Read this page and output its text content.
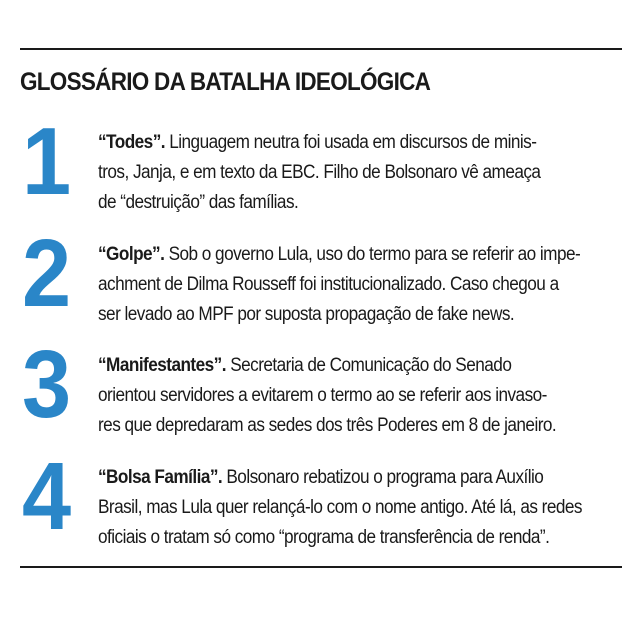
GLOSSÁRIO DA BATALHA IDEOLÓGICA
1	“Todes”. Linguagem neutra foi usada em discursos de minis-
tros, Janja, e em texto da EBC. Filho de Bolsonaro vê ameaça
de “destruição” das famílias.
2	“Golpe”. Sob o governo Lula, uso do termo para se referir ao impe-
achment de Dilma Rousseff foi institucionalizado. Caso chegou a
ser levado ao MPF por suposta propagação de fake news.
3	“Manifestantes”. Secretaria de Comunicação do Senado
orientou servidores a evitarem o termo ao se referir aos invaso-
res que depredaram as sedes dos três Poderes em 8 de janeiro.
4	“Bolsa Família”. Bolsonaro rebatizou o programa para Auxílio
Brasil, mas Lula quer relançá-lo com o nome antigo. Até lá, as redes
oficiais o tratam só como “programa de transferência de renda”.
